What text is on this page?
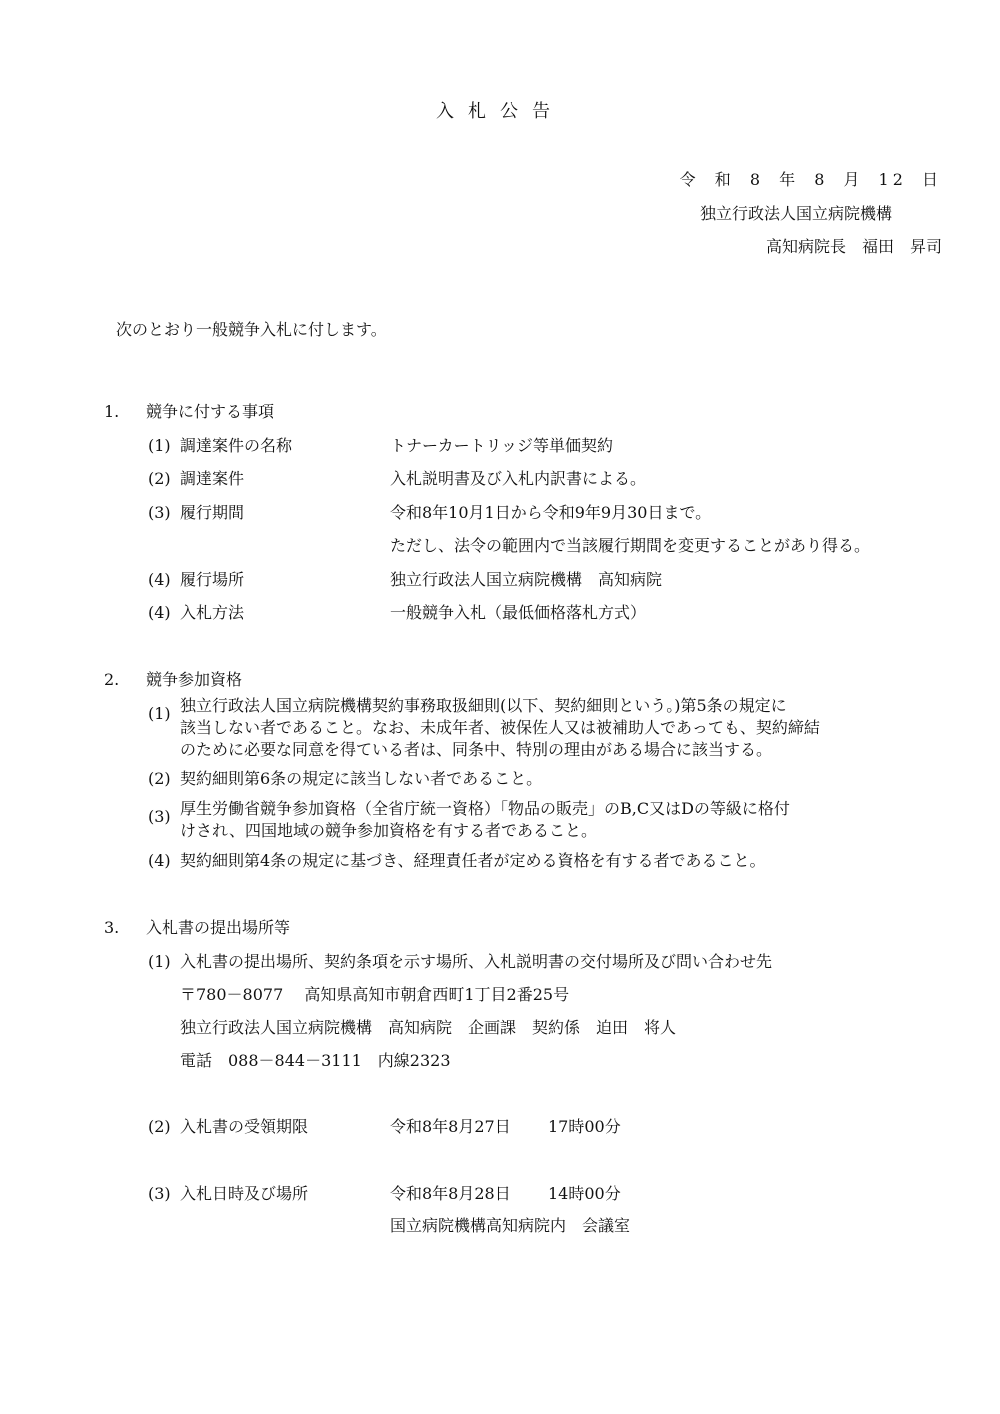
入札公告
令 和 8 年 8 月 12 日
独立行政法人国立病院機構
高知病院長　福田　昇司
次のとおり一般競争入札に付します。
1. 競争に付する事項
(1) 調達案件の名称	トナーカートリッジ等単価契約
(2) 調達案件	入札説明書及び入札内訳書による。
(3) 履行期間	令和8年10月1日から令和9年9月30日まで。
ただし、法令の範囲内で当該履行期間を変更することがあり得る。
(4) 履行場所	独立行政法人国立病院機構　高知病院
(4) 入札方法	一般競争入札（最低価格落札方式）
2. 競争参加資格
(1) 独立行政法人国立病院機構契約事務取扱細則(以下、契約細則という。)第5条の規定に
該当しない者であること。なお、未成年者、被保佐人又は被補助人であっても、契約締結
のために必要な同意を得ている者は、同条中、特別の理由がある場合に該当する。
(2) 契約細則第6条の規定に該当しない者であること。
(3) 厚生労働省競争参加資格（全省庁統一資格）「物品の販売」のB,C又はDの等級に格付
けされ、四国地域の競争参加資格を有する者であること。
(4) 契約細則第4条の規定に基づき、経理責任者が定める資格を有する者であること。
3. 入札書の提出場所等
(1) 入札書の提出場所、契約条項を示す場所、入札説明書の交付場所及び問い合わせ先
〒780－8077　 高知県高知市朝倉西町1丁目2番25号
独立行政法人国立病院機構　高知病院　企画課　契約係　迫田　将人
電話　088－844－3111　内線2323
(2) 入札書の受領期限	令和8年8月27日 17時00分
(3) 入札日時及び場所	令和8年8月28日 14時00分
国立病院機構高知病院内　会議室
